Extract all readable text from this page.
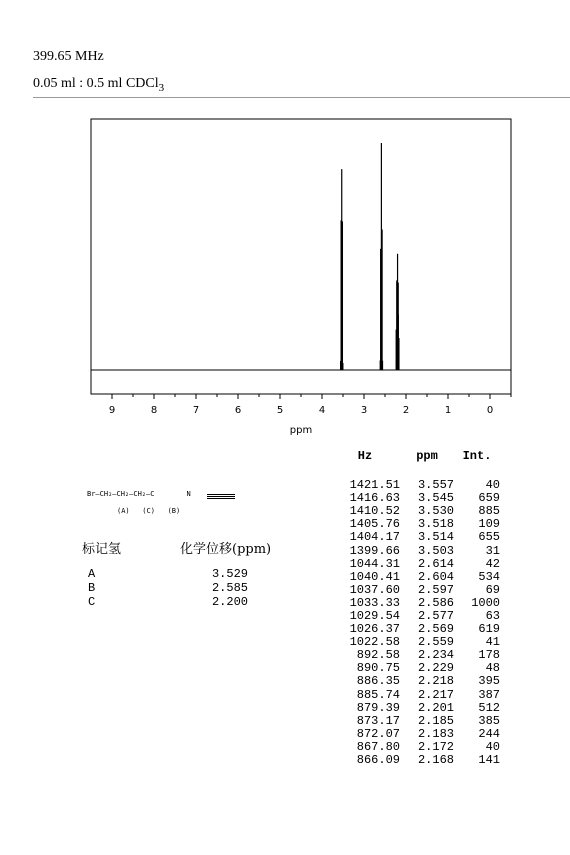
399.65 MHz
0.05 ml : 0.5 ml CDCl$_3$
9	8	7	6	5	4	3	2	1	0
ppm
Hz	ppm	Int.

1421.51	3.557	40
1416.63	3.545	659
1410.52	3.530	885
1405.76	3.518	109
1404.17	3.514	655
1399.66	3.503	31
1044.31	2.614	42
1040.41	2.604	534
1037.60	2.597	69
1033.33	2.586	1000
1029.54	2.577	63
1026.37	2.569	619
1022.58	2.559	41
892.58	2.234	178
890.75	2.229	48
886.35	2.218	395
885.74	2.217	387
879.39	2.201	512
873.17	2.185	385
872.07	2.183	244
867.80	2.172	40
866.09	2.168	141
Br—CH₂—CH₂—CH₂—C	N
(A)   (C)   (B)
标记氢	化学位移(ppm)
A	3.529
B	2.585
C	2.200
